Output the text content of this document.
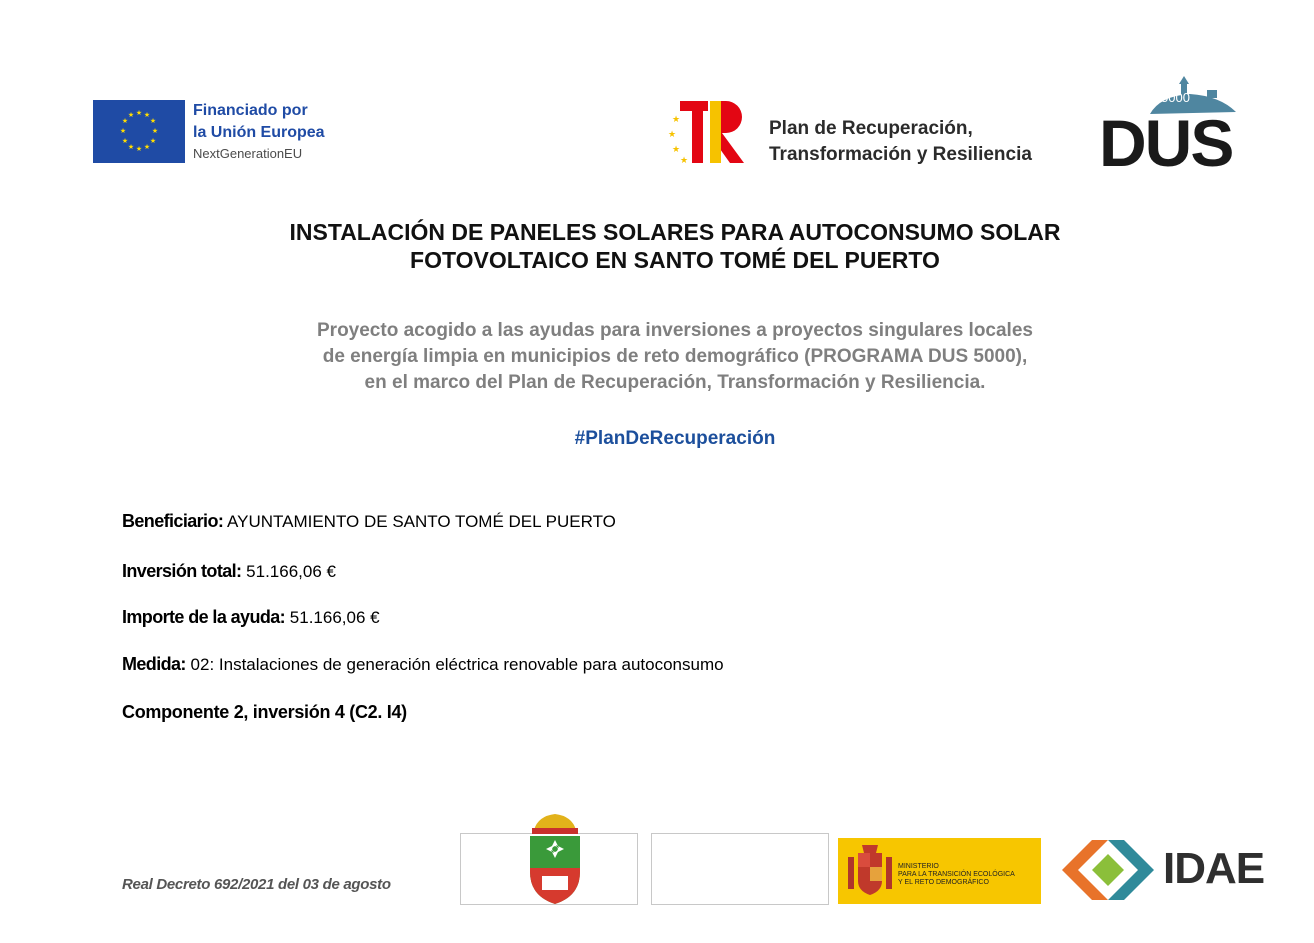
★ ★
★
★
★
★
★
★
★
★
★
★	Financiado por
la Unión Europea
NextGenerationEU
★
★
★
★
Plan de Recuperación,
Transformación y Resiliencia
5000
DUS
INSTALACIÓN DE PANELES SOLARES PARA AUTOCONSUMO SOLAR
FOTOVOLTAICO EN SANTO TOMÉ DEL PUERTO
Proyecto acogido a las ayudas para inversiones a proyectos singulares locales
de energía limpia en municipios de reto demográfico (PROGRAMA DUS 5000),
en el marco del Plan de Recuperación, Transformación y Resiliencia.
#PlanDeRecuperación
Beneficiario: AYUNTAMIENTO DE SANTO TOMÉ DEL PUERTO
Inversión total: 51.166,06 €
Importe de la ayuda: 51.166,06 €
Medida: 02: Instalaciones de generación eléctrica renovable para autoconsumo
Componente 2, inversión 4 (C2. I4)
Real Decreto 692/2021 del 03 de agosto
MINISTERIO
PARA LA TRANSICIÓN ECOLÓGICA
Y EL RETO DEMOGRÁFICO	IDAE
